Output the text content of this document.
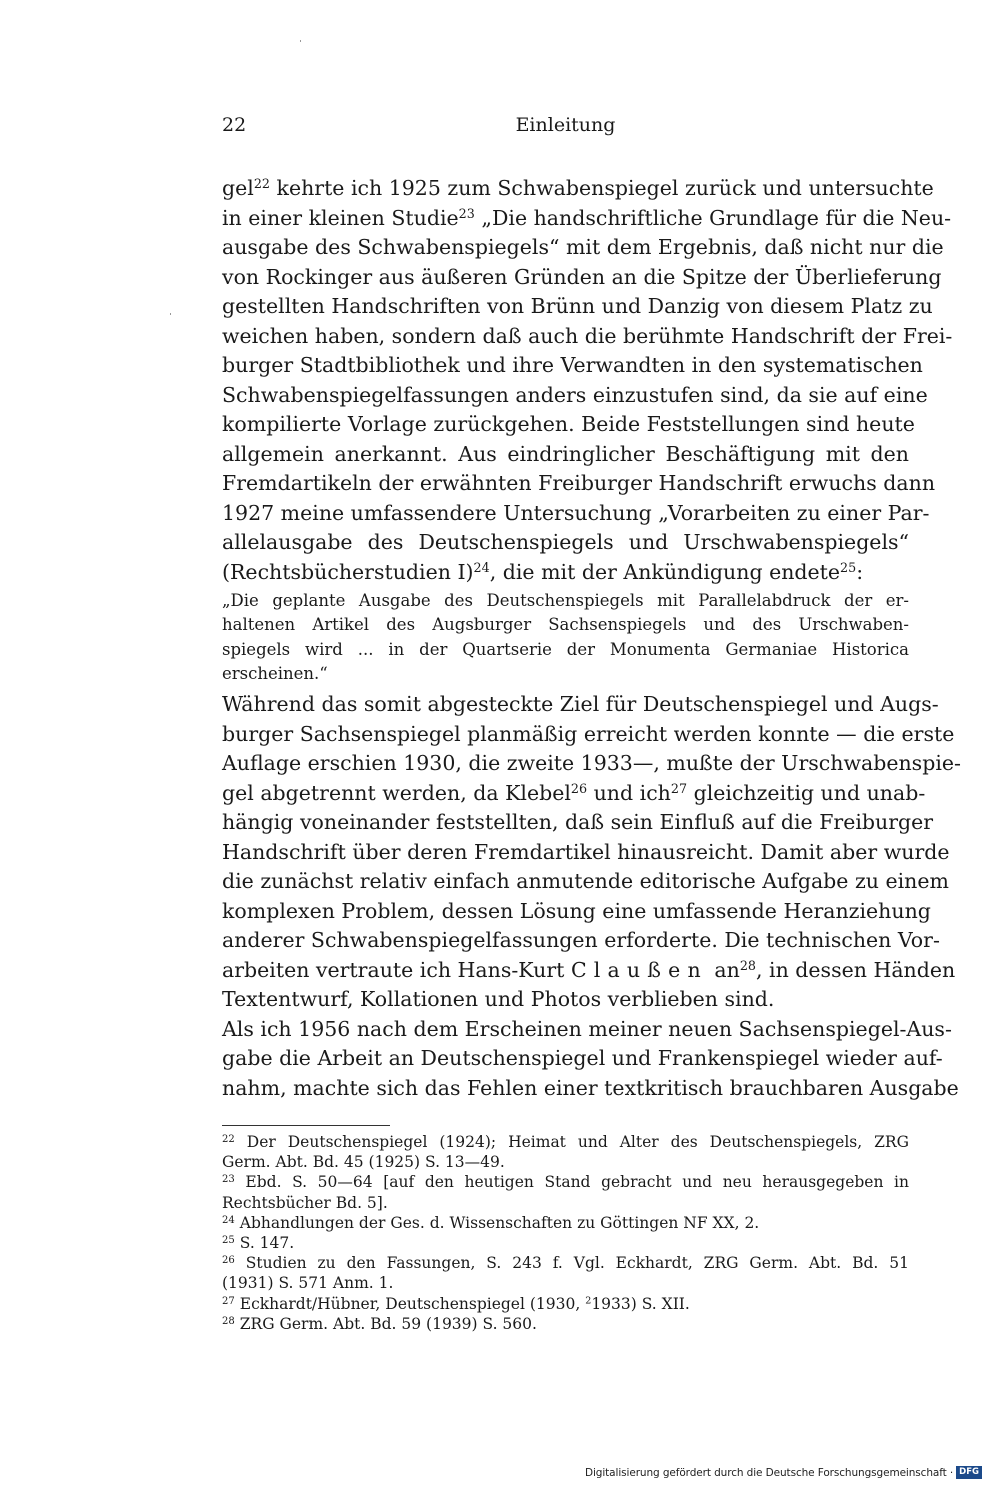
22	Einleitung
gel$^{22}$ kehrte ich 1925 zum Schwabenspiegel zurück und untersuchte
in einer kleinen Studie$^{23}$ „Die handschriftliche Grundlage für die Neu-
ausgabe des Schwabenspiegels“ mit dem Ergebnis, daß nicht nur die
von Rockinger aus äußeren Gründen an die Spitze der Überlieferung
gestellten Handschriften von Brünn und Danzig von diesem Platz zu
weichen haben, sondern daß auch die berühmte Handschrift der Frei-
burger Stadtbibliothek und ihre Verwandten in den systematischen
Schwabenspiegelfassungen anders einzustufen sind, da sie auf eine
kompilierte Vorlage zurückgehen. Beide Feststellungen sind heute
allgemein anerkannt. Aus eindringlicher Beschäftigung mit den
Fremdartikeln der erwähnten Freiburger Handschrift erwuchs dann
1927 meine umfassendere Untersuchung „Vorarbeiten zu einer Par-
allelausgabe des Deutschenspiegels und Urschwabenspiegels“
(Rechtsbücherstudien I)$^{24}$, die mit der Ankündigung endete$^{25}$:
„Die geplante Ausgabe des Deutschenspiegels mit Parallelabdruck der er-
haltenen Artikel des Augsburger Sachsenspiegels und des Urschwaben-
spiegels wird ... in der Quartserie der Monumenta Germaniae Historica
erscheinen.“
Während das somit abgesteckte Ziel für Deutschenspiegel und Augs-
burger Sachsenspiegel planmäßig erreicht werden konnte — die erste
Auflage erschien 1930, die zweite 1933—, mußte der Urschwabenspie-
gel abgetrennt werden, da Klebel$^{26}$ und ich$^{27}$ gleichzeitig und unab-
hängig voneinander feststellten, daß sein Einfluß auf die Freiburger
Handschrift über deren Fremdartikel hinausreicht. Damit aber wurde
die zunächst relativ einfach anmutende editorische Aufgabe zu einem
komplexen Problem, dessen Lösung eine umfassende Heranziehung
anderer Schwabenspiegelfassungen erforderte. Die technischen Vor-
arbeiten vertraute ich Hans-Kurt Claußen $an^{28}$, in dessen Händen
Textentwurf, Kollationen und Photos verblieben sind.
Als ich 1956 nach dem Erscheinen meiner neuen Sachsenspiegel-Aus-
gabe die Arbeit an Deutschenspiegel und Frankenspiegel wieder auf-
nahm, machte sich das Fehlen einer textkritisch brauchbaren Ausgabe
$^{22}$ Der Deutschenspiegel (1924); Heimat und Alter des Deutschenspiegels, ZRG
Germ. Abt. Bd. 45 (1925) S. 13—49.
$^{23}$ Ebd. S. 50—64 [auf den heutigen Stand gebracht und neu herausgegeben in
Rechtsbücher Bd. 5].
$^{24}$ Abhandlungen der Ges. d. Wissenschaften zu Göttingen NF XX, 2.
$^{25}$ S. 147.
$^{26}$ Studien zu den Fassungen, S. 243 f. Vgl. Eckhardt, ZRG Germ. Abt. Bd. 51
(1931) S. 571 Anm. 1.
$^{27}$ Eckhardt/Hübner, Deutschenspiegel (1930, $^2$1933) S. XII.
$^{28}$ ZRG Germ. Abt. Bd. 59 (1939) S. 560.
Digitalisierung gefördert durch die Deutsche Forschungsgemeinschaft · DFG
